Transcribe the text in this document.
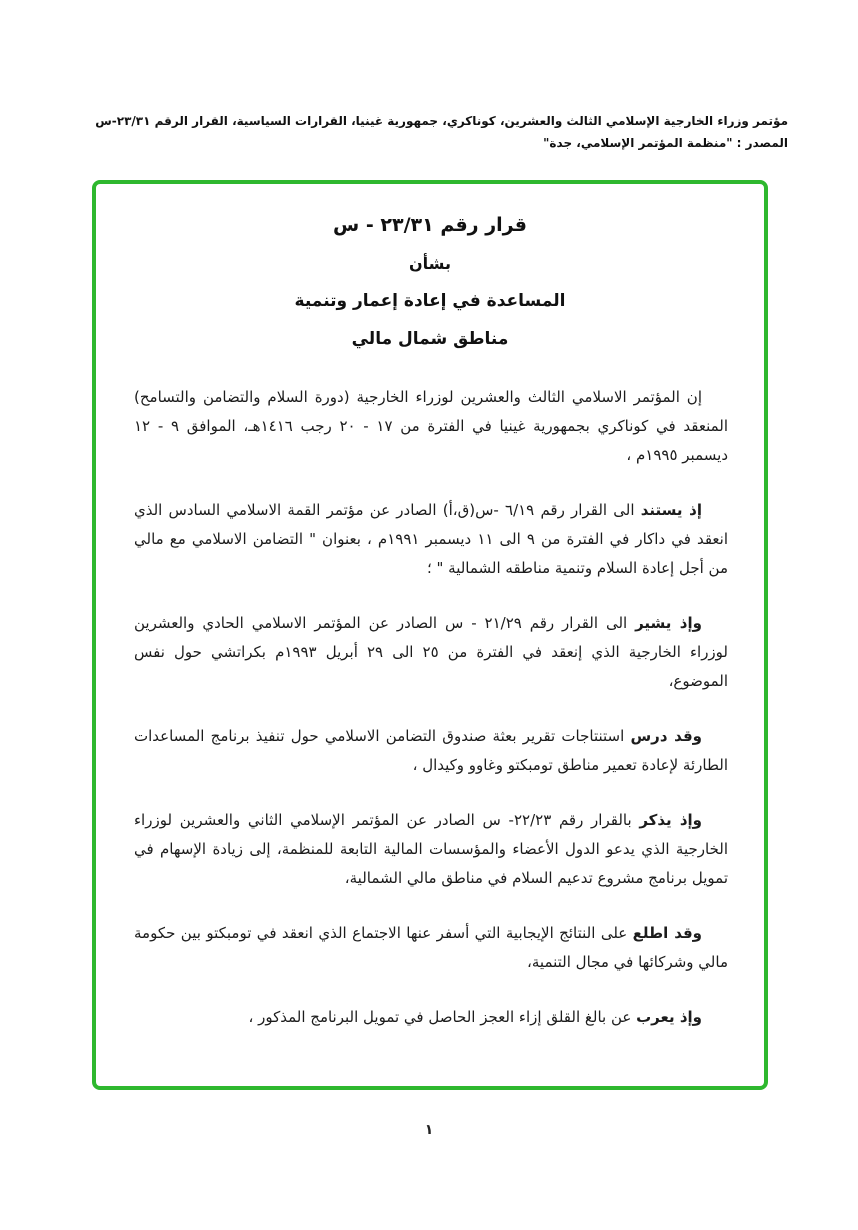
مؤتمر وزراء الخارجية الإسلامي الثالث والعشرين، كوناكري، جمهورية غينيا، القرارات السياسية، القرار الرقم ٢٣/٣١-س
المصدر : "منظمة المؤتمر الإسلامي، جدة"
قرار رقم ٢٣/٣١ - س
بشأن
المساعدة في إعادة إعمار وتنمية
مناطق شمال مالي

إن المؤتمر الاسلامي الثالث والعشرين لوزراء الخارجية (دورة السلام والتضامن والتسامح) المنعقد في كوناكري بجمهورية غينيا في الفترة من ١٧ - ٢٠ رجب ١٤١٦هـ، الموافق ٩ - ١٢ ديسمبر ١٩٩٥م ،

إذ يستند الى القرار رقم ٦/١٩ -س(ق،أ) الصادر عن مؤتمر القمة الاسلامي السادس الذي انعقد في داكار في الفترة من ٩ الى ١١ ديسمبر ١٩٩١م ، بعنوان " التضامن الاسلامي مع مالي من أجل إعادة السلام وتنمية مناطقه الشمالية " ؛

وإذ يشير الى القرار رقم ٢١/٢٩ - س الصادر عن المؤتمر الاسلامي الحادي والعشرين لوزراء الخارجية الذي إنعقد في الفترة من ٢٥ الى ٢٩ أبريل ١٩٩٣م بكراتشي حول نفس الموضوع،

وقد درس استنتاجات تقرير بعثة صندوق التضامن الاسلامي حول تنفيذ برنامج المساعدات الطارئة لإعادة تعمير مناطق تومبكتو وغاوو وكيدال ،

وإذ يذكر بالقرار رقم ٢٢/٢٣- س الصادر عن المؤتمر الإسلامي الثاني والعشرين لوزراء الخارجية الذي يدعو الدول الأعضاء والمؤسسات المالية التابعة للمنظمة، إلى زيادة الإسهام في تمويل برنامج مشروع تدعيم السلام في مناطق مالي الشمالية،

وقد اطلع على النتائج الإيجابية التي أسفر عنها الاجتماع الذي انعقد في تومبكتو بين حكومة مالي وشركائها في مجال التنمية،

وإذ يعرب عن بالغ القلق إزاء العجز الحاصل في تمويل البرنامج المذكور ،

١
